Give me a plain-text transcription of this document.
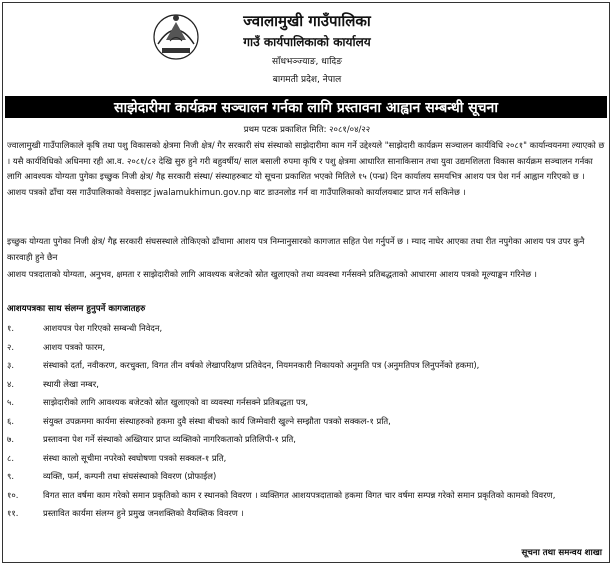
ज्वालामुखी गाउँपालिका
गाउँ कार्यपालिकाको कार्यालय
साँधभञ्ज्याङ, धादिङ
बागमती प्रदेश, नेपाल
साझेदारीमा कार्यक्रम सञ्चालन गर्नका लागि प्रस्तावना आह्वान सम्बन्धी सूचना
प्रथम पटक प्रकाशित मिति: २०८१/०४/२२
ज्वालामुखी गाउँपालिकाले कृषि तथा पशु विकासको क्षेत्रमा निजी क्षेत्र/ गैर सरकारी संघ संस्थाको साझेदारीमा काम गर्ने उद्देश्यले "साझेदारी कार्यक्रम सञ्चालन कार्यविधि २०८१" कार्यान्वयनमा ल्याएको छ । यसै कार्यविधिको अधिनमा रही आ.व. २०८१/८२ देखि सुरु हुने गरी बहुवर्षीय/ साल बसाली रुपमा कृषि र पशु क्षेत्रमा आधारित सानाकिसान तथा युवा उद्यमशिलता विकास कार्यक्रम सञ्चालन गर्नका लागि आवश्यक योग्यता पुगेका इच्छुक निजी क्षेत्र/ गैह्र सरकारी संस्था/ संस्थाहरुबाट यो सूचना प्रकाशित भएको मितिले १५ (पन्ध्र) दिन कार्यालय समयभित्र आशय पत्र पेश गर्न आह्वान गरिएको छ । आशय पत्रको ढाँचा यस गाउँपालिकाको वेवसाइट jwalamukhimun.gov.np बाट डाउनलोड गर्न वा गाउँपालिकाको कार्यालयबाट प्राप्त गर्न सकिनेछ ।
इच्छुक योग्यता पुगेका निजी क्षेत्र/ गैह्र सरकारी संघसस्थाले तोकिएको ढाँचामा आशय पत्र निम्नानुसारको कागजात सहित पेश गर्नुपर्ने छ । म्याद नाघेर आएका तथा रीत नपुगेका आशय पत्र उपर कुनै कारवाही हुने छैन
आशय पत्रदाताको योग्यता, अनुभव, क्षमता र साझेदारीको लागि आवश्यक बजेटको स्रोत खुलाएको तथा व्यवस्था गर्नसक्ने प्रतिबद्धताको आधारमा आशय पत्रको मूल्याङ्कन गरिनेछ ।
आशयपत्रका साथ संलग्न हुनुपर्ने कागजातहरु
१.	आशयपत्र पेश गरिएको सम्बन्धी निवेदन,
२.	आशय पत्रको फारम,
३.	संस्थाको दर्ता, नवीकरण, करचुक्ता, विगत तीन वर्षको लेखापरिक्षण प्रतिवेदन, नियमनकारी निकायको अनुमति पत्र (अनुमतिपत्र लिनुपर्नेको हकमा),
४.	स्थायी लेखा नम्बर,
५.	साझेदारीको लागि आवश्यक बजेटको स्रोत खुलाएको वा व्यवस्था गर्नसक्ने प्रतिबद्धता पत्र,
६.	संयुक्त उपक्रममा कार्यमा संस्थाहरुको हकमा दुवै संस्था बीचको कार्य जिम्मेवारी खुल्ने सम्झौता पत्रको सक्कल-१ प्रति,
७.	प्रस्तावना पेश गर्ने संस्थाको अख्तियार प्राप्त व्यक्तिको नागरिकताको प्रतिलिपी-१ प्रति,
८.	संस्था कालो सूचीमा नपरेको स्वघोषणा पत्रको सक्कल-१ प्रति,
९.	व्यक्ति, फर्म, कम्पनी तथा संघसंस्थाको विवरण (प्रोफाईल)
१०.	विगत सात वर्षमा काम गरेको समान प्रकृतिको काम र स्थानको विवरण । व्यक्तिगत आशयपत्रदाताको हकमा विगत चार वर्षमा सम्पन्न गरेको समान प्रकृतिको कामको विवरण,
११.	प्रस्तावित कार्यमा संलग्न हुने प्रमुख जनशक्तिको वैयक्तिक विवरण ।
सूचना तथा समन्वय शाखा
